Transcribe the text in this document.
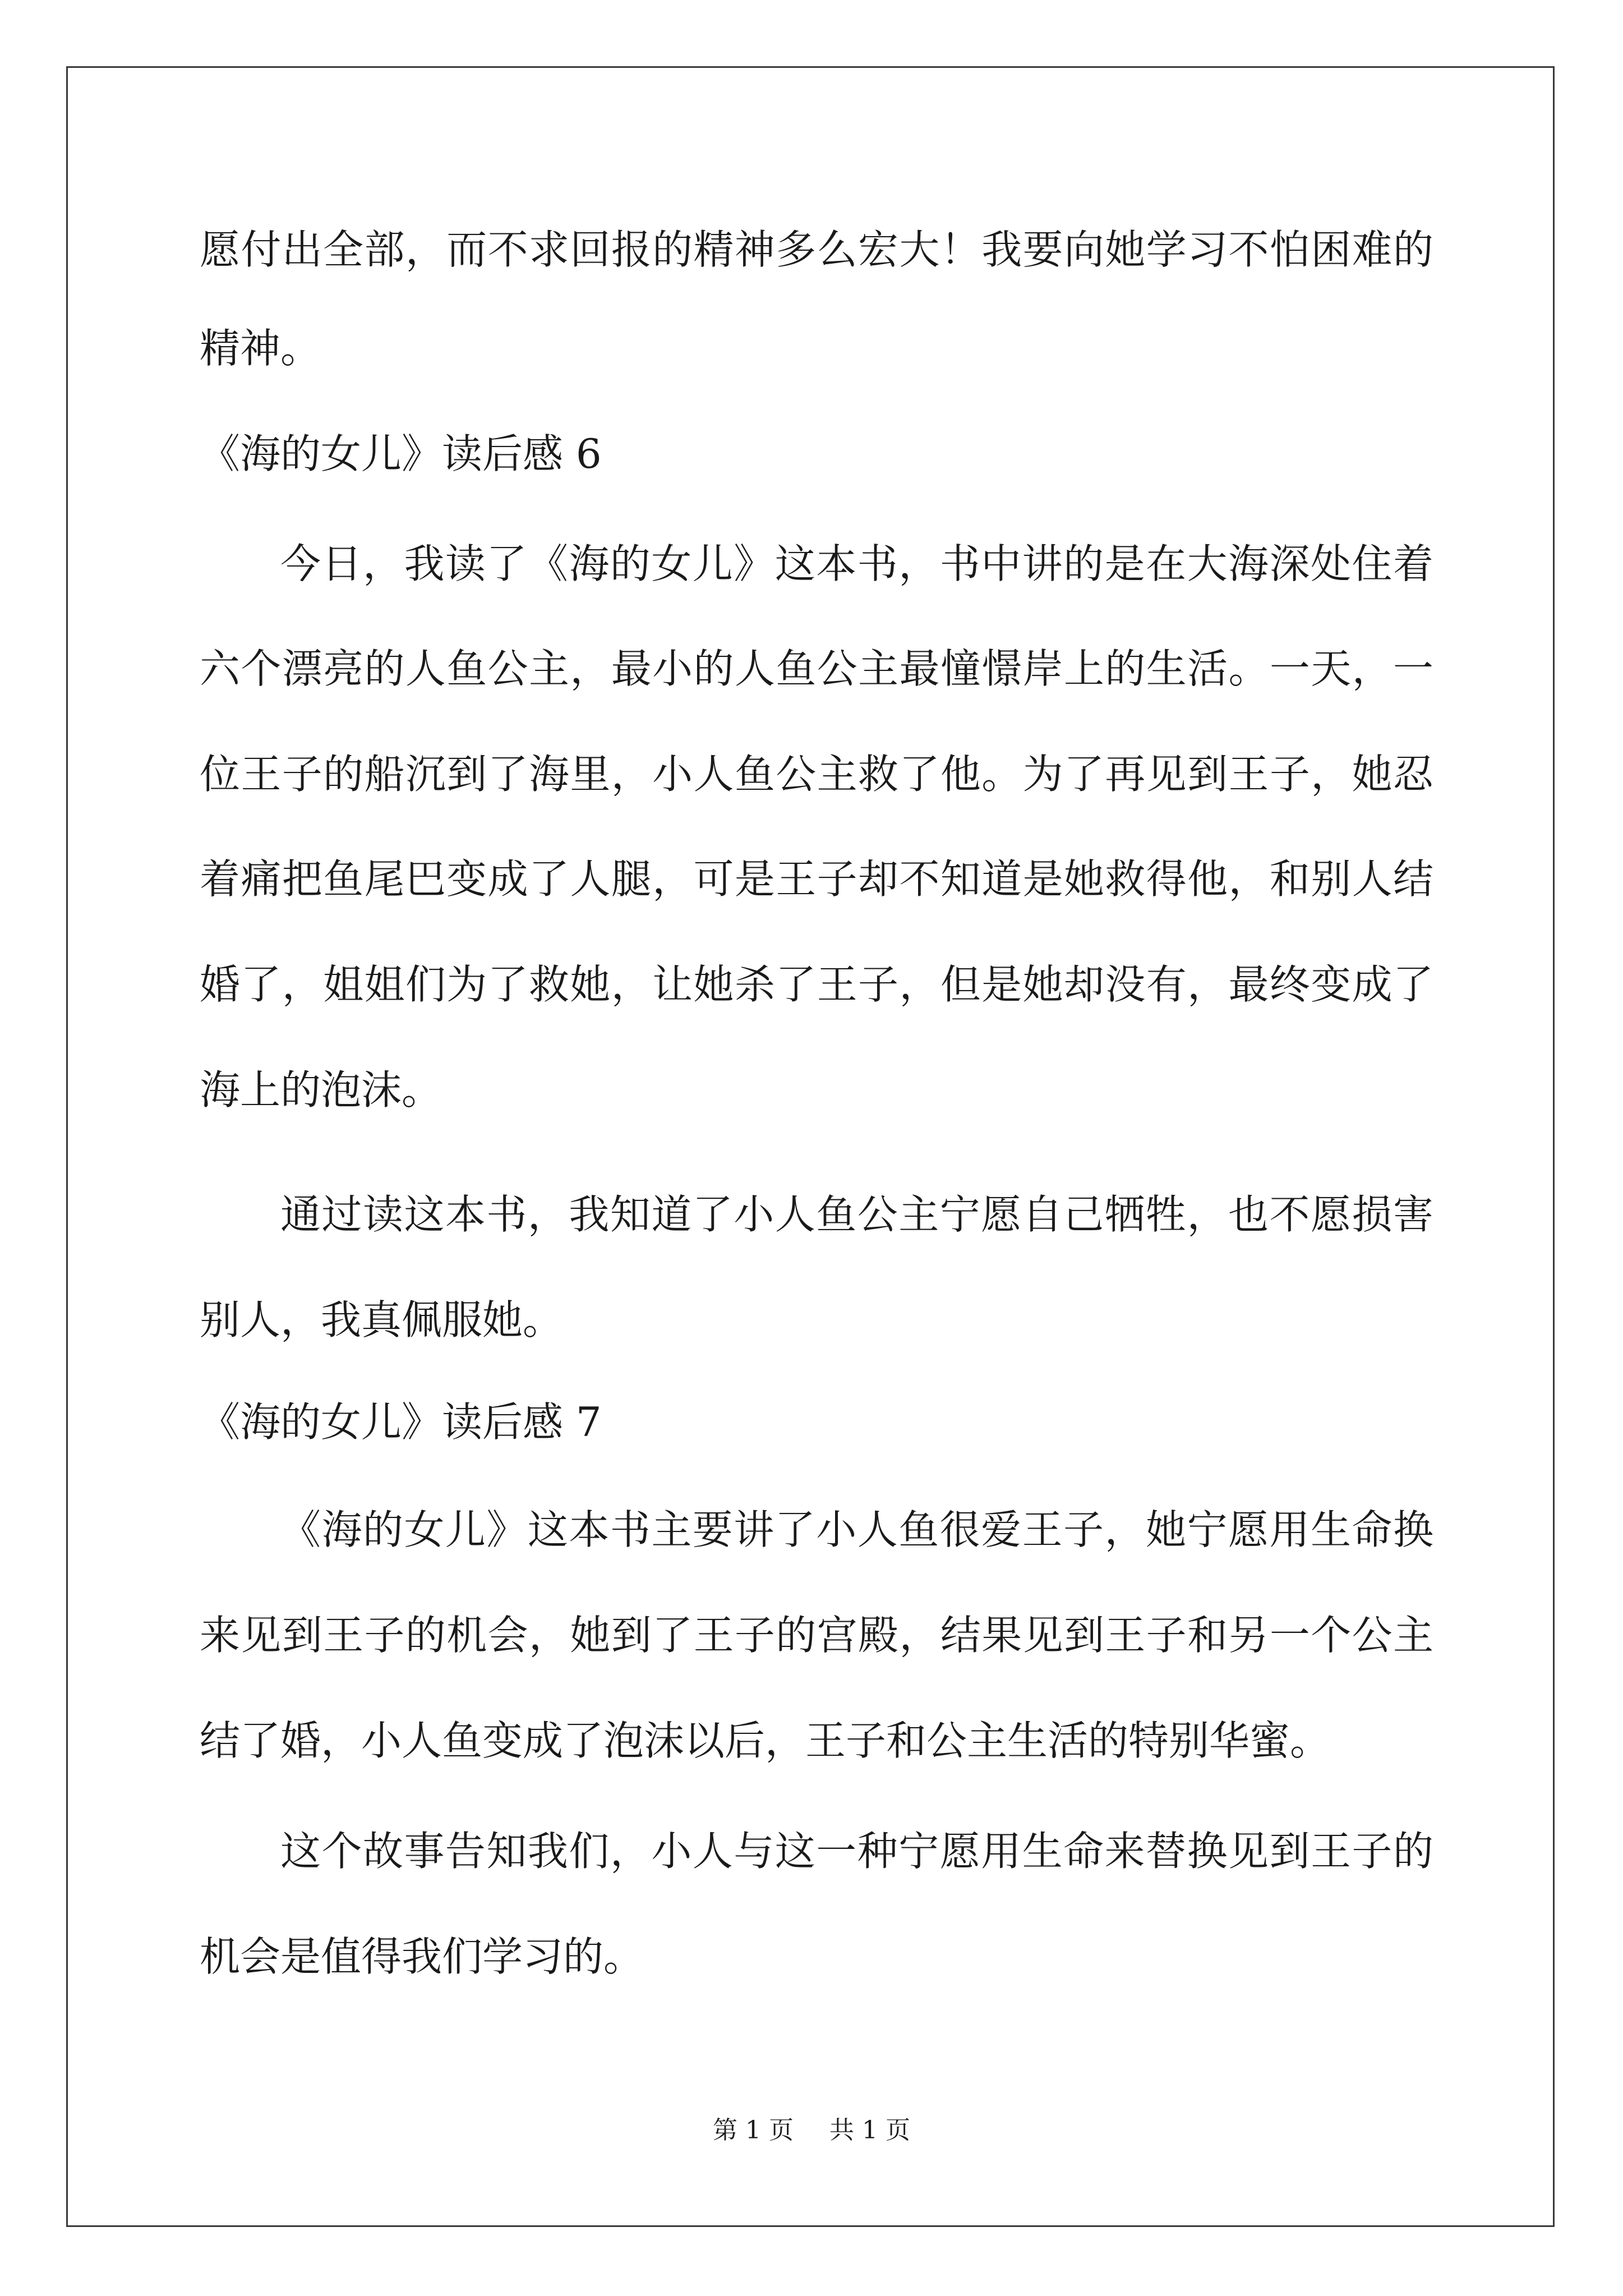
愿付出全部，而不求回报的精神多么宏大！我要向她学习不怕困难的
精神。
《海的女儿》读后感 6
今日，我读了《海的女儿》这本书，书中讲的是在大海深处住着
六个漂亮的人鱼公主，最小的人鱼公主最憧憬岸上的生活。一天，一
位王子的船沉到了海里，小人鱼公主救了他。为了再见到王子，她忍
着痛把鱼尾巴变成了人腿，可是王子却不知道是她救得他，和别人结
婚了，姐姐们为了救她，让她杀了王子，但是她却没有，最终变成了
海上的泡沫。
通过读这本书，我知道了小人鱼公主宁愿自己牺牲，也不愿损害
别人，我真佩服她。
《海的女儿》读后感 7
《海的女儿》这本书主要讲了小人鱼很爱王子，她宁愿用生命换
来见到王子的机会，她到了王子的宫殿，结果见到王子和另一个公主
结了婚，小人鱼变成了泡沫以后，王子和公主生活的特别华蜜。
这个故事告知我们，小人与这一种宁愿用生命来替换见到王子的
机会是值得我们学习的。
第 1 页 共 1 页
